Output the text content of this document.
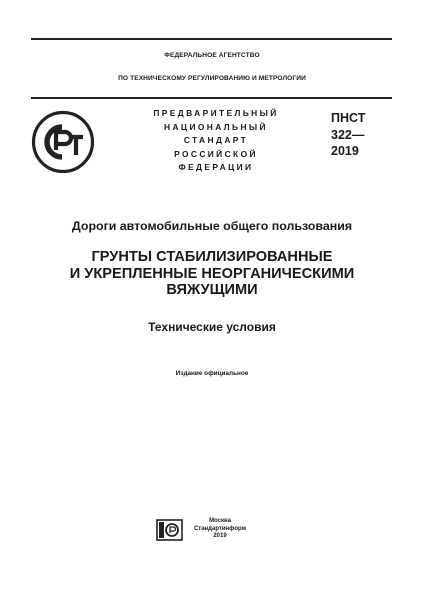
ФЕДЕРАЛЬНОЕ АГЕНТСТВО
ПО ТЕХНИЧЕСКОМУ РЕГУЛИРОВАНИЮ И МЕТРОЛОГИИ
ПРЕДВАРИТЕЛЬНЫЙ
НАЦИОНАЛЬНЫЙ
СТАНДАРТ
РОССИЙСКОЙ
ФЕДЕРАЦИИ
ПНСТ
322—
2019
Дороги автомобильные общего пользования
ГРУНТЫ СТАБИЛИЗИРОВАННЫЕ
И УКРЕПЛЕННЫЕ НЕОРГАНИЧЕСКИМИ
ВЯЖУЩИМИ
Технические условия
Издание официальное
Москва
Стандартинформ
2019
